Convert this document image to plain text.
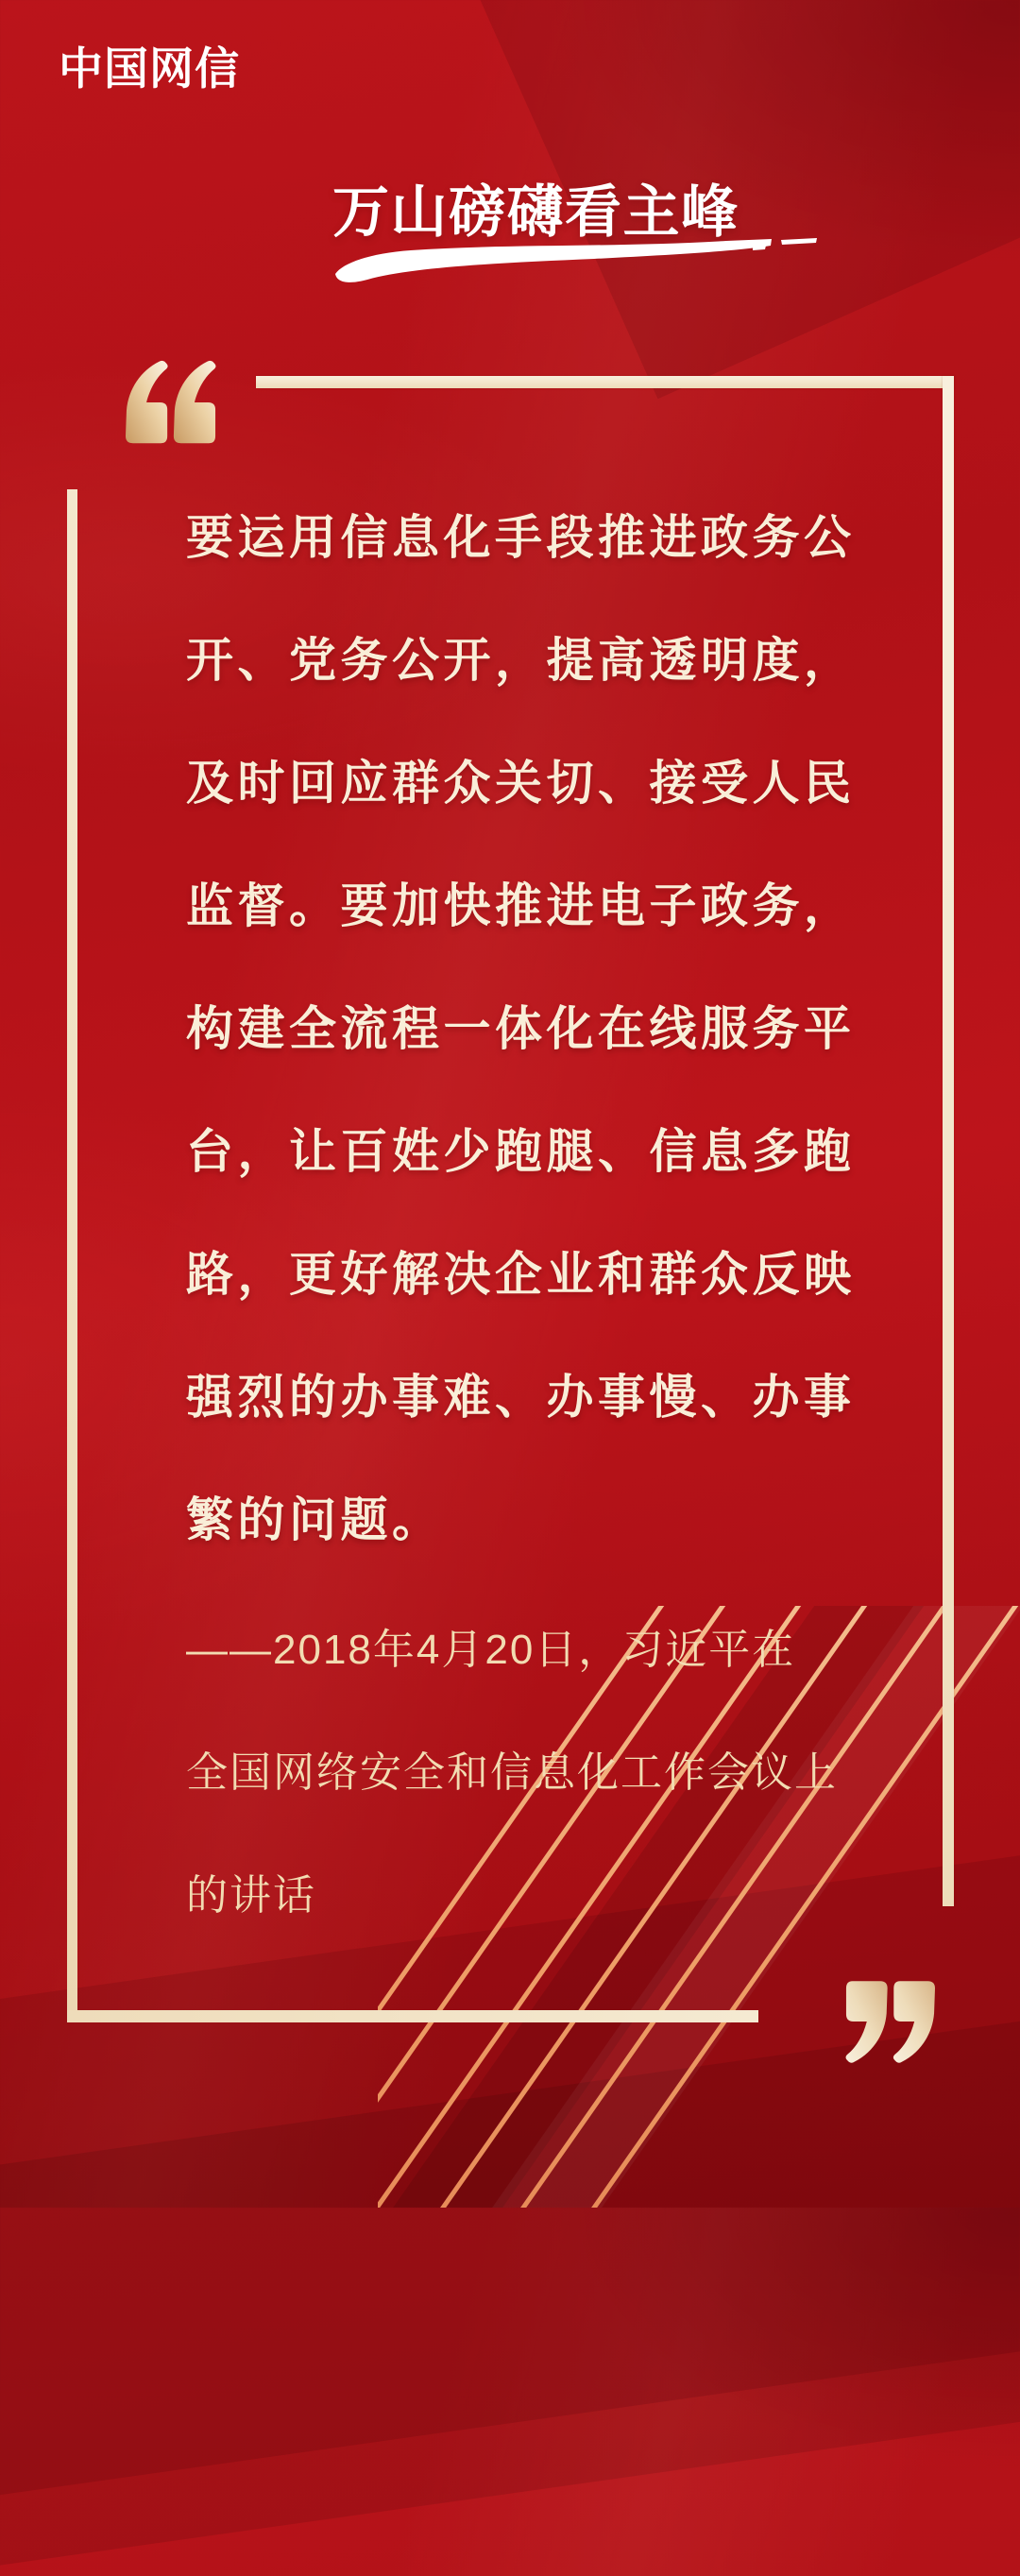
中国网信
万山磅礴看主峰
要运用信息化手段推进政务公
开、党务公开，提高透明度，
及时回应群众关切、接受人民
监督。要加快推进电子政务，
构建全流程一体化在线服务平
台，让百姓少跑腿、信息多跑
路，更好解决企业和群众反映
强烈的办事难、办事慢、办事
繁的问题。
——2018年4月20日，习近平在
全国网络安全和信息化工作会议上
的讲话
